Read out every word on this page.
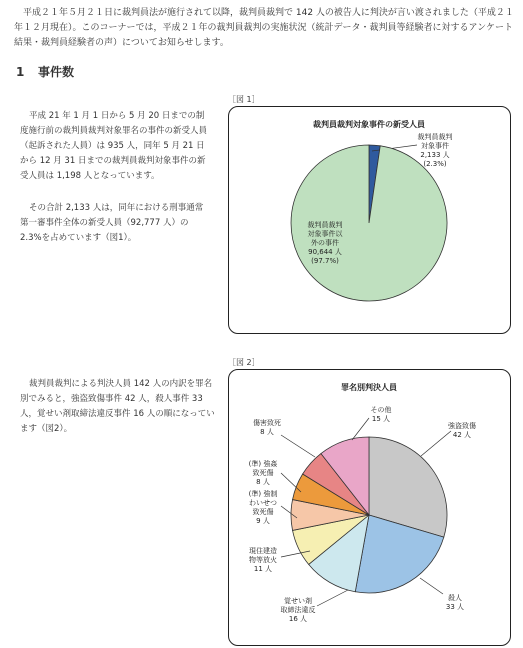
平成２１年５月２１日に裁判員法が施行されて以降，裁判員裁判で 142 人の被告人に判決が言い渡されました（平成２１年１２月現在）。このコーナーでは，平成２１年の裁判員裁判の実施状況（統計データ・裁判員等経験者に対するアンケート結果・裁判員経験者の声）についてお知らせします。

1 事件数

平成 21 年 1 月 1 日から 5 月 20 日までの制度施行前の裁判員裁判対象罪名の事件の新受人員（起訴された人員）は 935 人，同年 5 月 21 日から 12 月 31 日までの裁判員裁判対象事件の新受人員は 1,198 人となっています。

その合計 2,133 人は，同年における刑事通常第一審事件全体の新受人員（92,777 人）の 2.3%を占めています（図1）。

裁判員裁判による判決人員 142 人の内訳を罪名別でみると，強盗致傷事件 42 人，殺人事件 33 人，覚せい剤取締法違反事件 16 人の順になっています（図2）。

［図 1］

裁判員裁判対象事件の新受人員
裁判員裁判対象事件 2,133 人(2.3%)
裁判員裁判対象事件以外の事件 90,644 人(97.7%)

［図 2］

罪名別判決人員
強盗致傷 42 人
殺人 33 人
覚せい剤取締法違反 16 人
現住建造物等放火 11 人
(準) 強制わいせつ致死傷 9 人
(準) 強姦致死傷 8 人
傷害致死 8 人
その他 15 人
